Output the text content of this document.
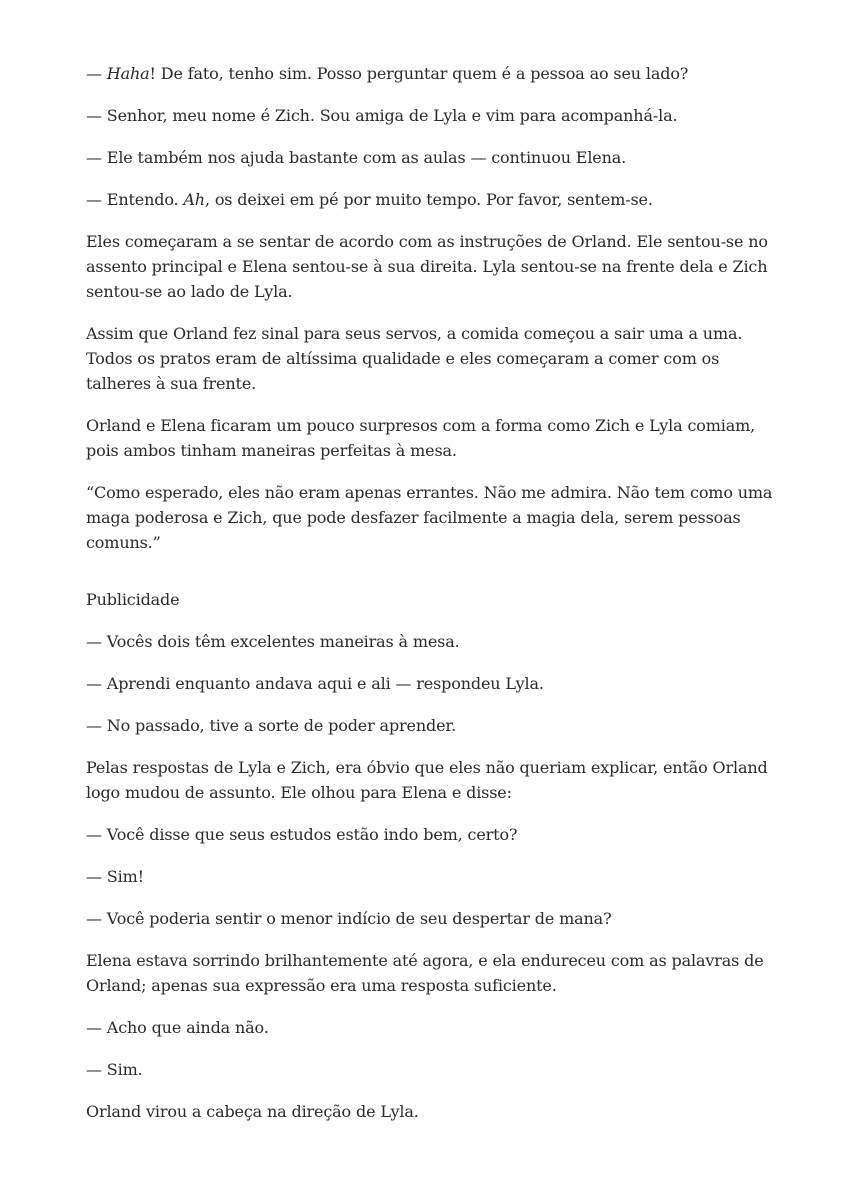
— Haha! De fato, tenho sim. Posso perguntar quem é a pessoa ao seu lado?

— Senhor, meu nome é Zich. Sou amiga de Lyla e vim para acompanhá-la.

— Ele também nos ajuda bastante com as aulas — continuou Elena.

— Entendo. Ah, os deixei em pé por muito tempo. Por favor, sentem-se.

Eles começaram a se sentar de acordo com as instruções de Orland. Ele sentou-se no assento principal e Elena sentou-se à sua direita. Lyla sentou-se na frente dela e Zich sentou-se ao lado de Lyla.

Assim que Orland fez sinal para seus servos, a comida começou a sair uma a uma. Todos os pratos eram de altíssima qualidade e eles começaram a comer com os talheres à sua frente.

Orland e Elena ficaram um pouco surpresos com a forma como Zich e Lyla comiam, pois ambos tinham maneiras perfeitas à mesa.

“Como esperado, eles não eram apenas errantes. Não me admira. Não tem como uma maga poderosa e Zich, que pode desfazer facilmente a magia dela, serem pessoas comuns.”

Publicidade

— Vocês dois têm excelentes maneiras à mesa.

— Aprendi enquanto andava aqui e ali — respondeu Lyla.

— No passado, tive a sorte de poder aprender.

Pelas respostas de Lyla e Zich, era óbvio que eles não queriam explicar, então Orland logo mudou de assunto. Ele olhou para Elena e disse:

— Você disse que seus estudos estão indo bem, certo?

— Sim!

— Você poderia sentir o menor indício de seu despertar de mana?

Elena estava sorrindo brilhantemente até agora, e ela endureceu com as palavras de Orland; apenas sua expressão era uma resposta suficiente.

— Acho que ainda não.

— Sim.

Orland virou a cabeça na direção de Lyla.
